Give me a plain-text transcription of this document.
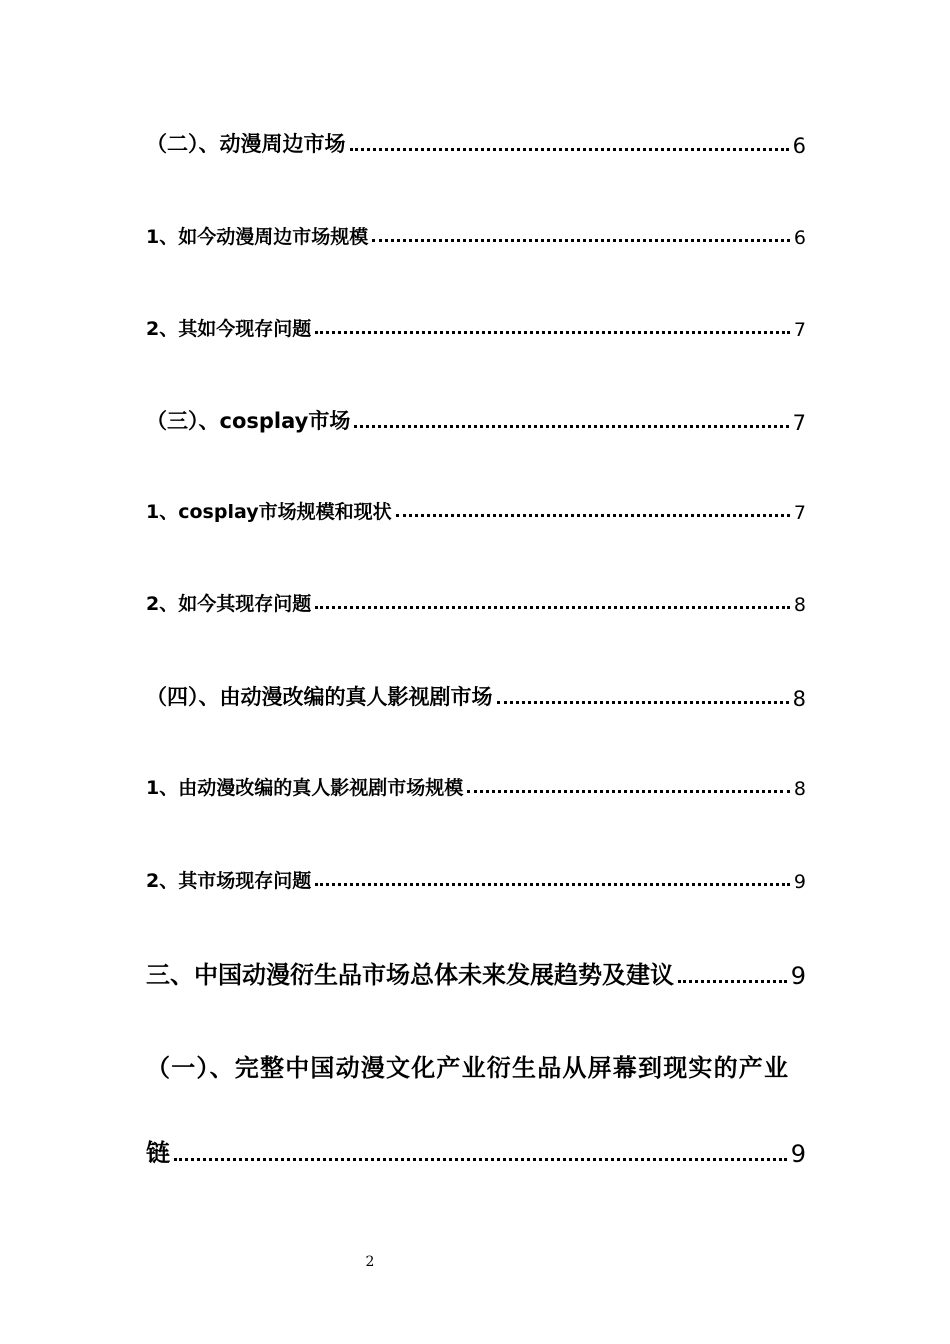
（二）、动漫周边市场	6
1、如今动漫周边市场规模	6
2、其如今现存问题	7
（三）、cosplay市场	7
1、cosplay市场规模和现状	7
2、如今其现存问题	8
（四）、由动漫改编的真人影视剧市场	8
1、由动漫改编的真人影视剧市场规模	8
2、其市场现存问题	9
三、中国动漫衍生品市场总体未来发展趋势及建议	9
（一）、完整中国动漫文化产业衍生品从屏幕到现实的产业
链	9
2
